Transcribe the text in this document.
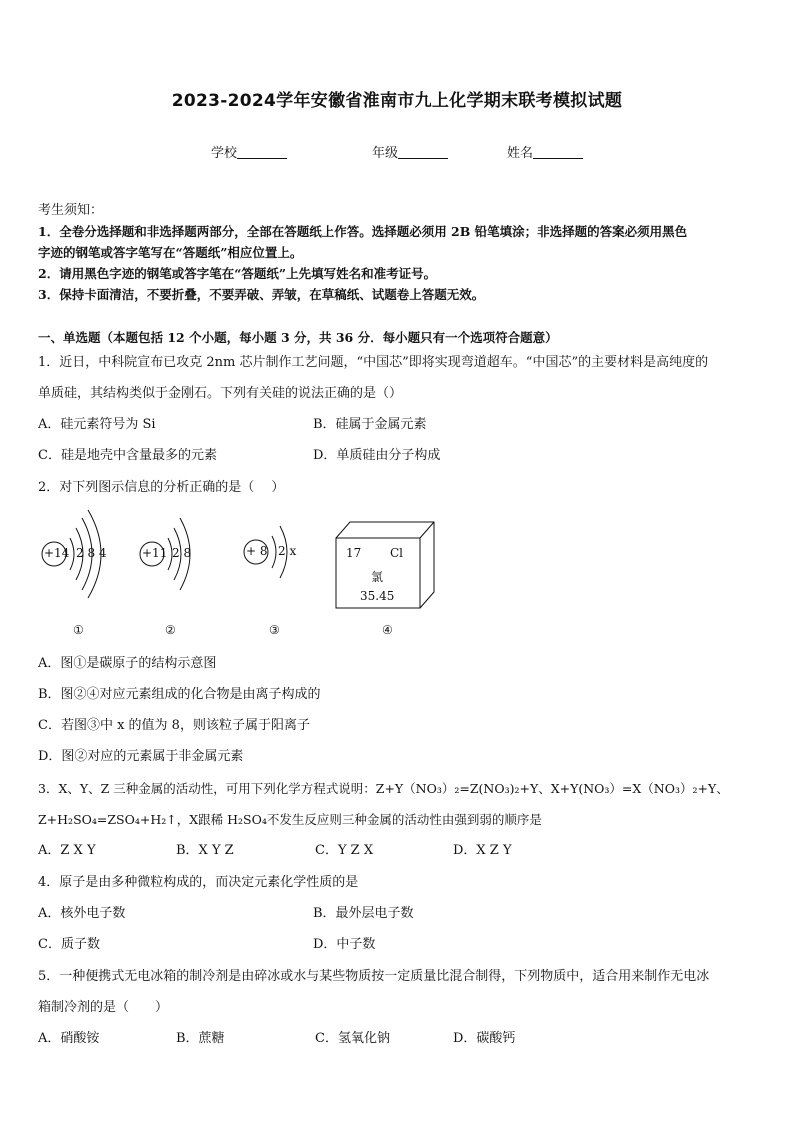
2023-2024学年安徽省淮南市九上化学期末联考模拟试题
学校	年级	姓名
考生须知：
1．全卷分选择题和非选择题两部分，全部在答题纸上作答。选择题必须用 2B 铅笔填涂；非选择题的答案必须用黑色
字迹的钢笔或答字笔写在“答题纸”相应位置上。
2．请用黑色字迹的钢笔或答字笔在“答题纸”上先填写姓名和准考证号。
3．保持卡面清洁，不要折叠，不要弄破、弄皱，在草稿纸、试题卷上答题无效。
一、单选题（本题包括 12 个小题，每小题 3 分，共 36 分．每小题只有一个选项符合题意）
1．近日，中科院宣布已攻克 2nm 芯片制作工艺问题，“中国芯”即将实现弯道超车。“中国芯”的主要材料是高纯度的
单质硅，其结构类似于金刚石。下列有关硅的说法正确的是（）
A．硅元素符号为 Si	B．硅属于金属元素
C．硅是地壳中含量最多的元素	D．单质硅由分子构成
2．对下列图示信息的分析正确的是（　 ）
+14 2 8 4	+11 2 8	+ 8 2 x	17 Cl
氯
35.45
①	②	③	④
A．图①是碳原子的结构示意图
B．图②④对应元素组成的化合物是由离子构成的
C．若图③中 x 的值为 8，则该粒子属于阳离子
D．图②对应的元素属于非金属元素
3．X、Y、Z 三种金属的活动性，可用下列化学方程式说明：Z+Y（NO₃）₂=Z(NO₃)₂+Y、X+Y(NO₃）=X（NO₃）₂+Y、
Z+H₂SO₄=ZSO₄+H₂↑，X跟稀 H₂SO₄不发生反应则三种金属的活动性由强到弱的顺序是
A．Z X Y	B．X Y Z	C．Y Z X	D．X Z Y
4．原子是由多种微粒构成的，而决定元素化学性质的是
A．核外电子数	B．最外层电子数
C．质子数	D．中子数
5．一种便携式无电冰箱的制冷剂是由碎冰或水与某些物质按一定质量比混合制得，下列物质中，适合用来制作无电冰
箱制冷剂的是（　　）
A．硝酸铵	B．蔗糖	C．氢氧化钠	D．碳酸钙
